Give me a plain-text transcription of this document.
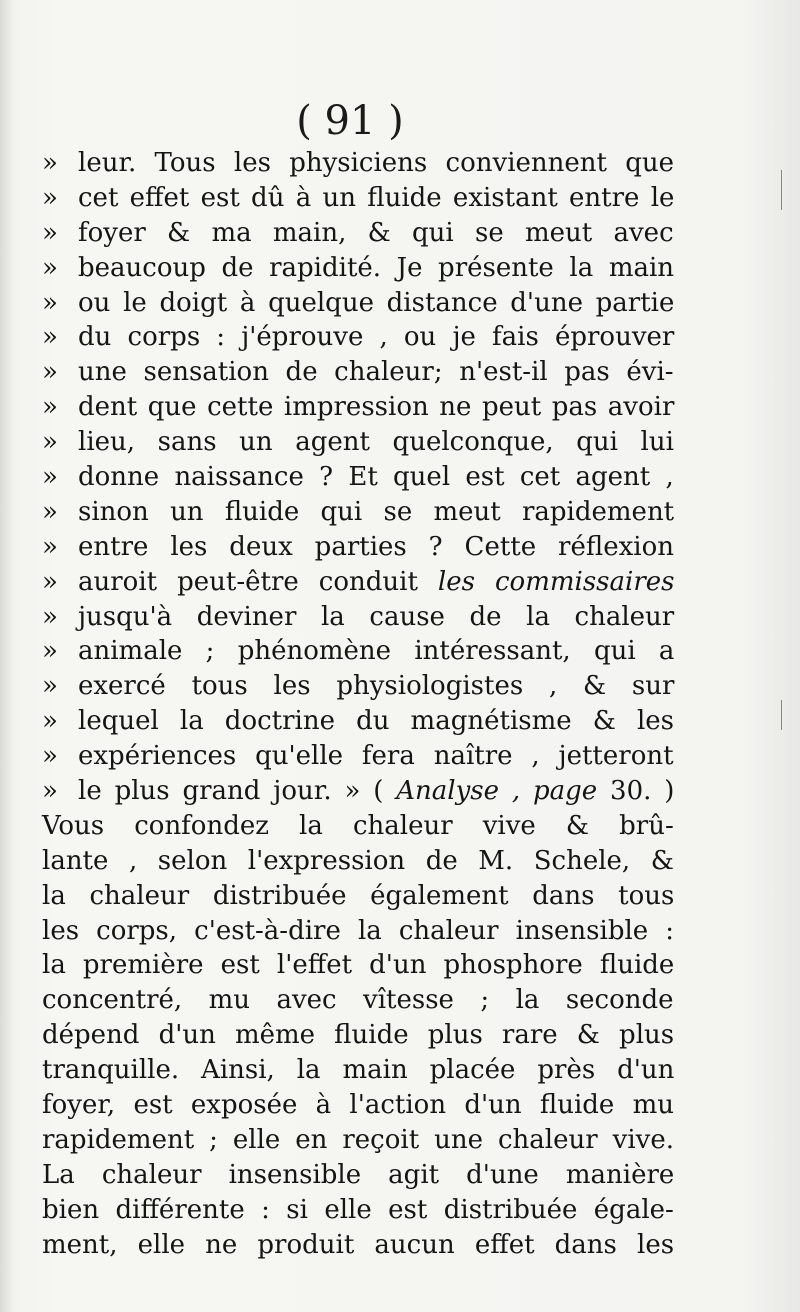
( 91 )
» leur. Tous les physiciens conviennent que
» cet effet est dû à un fluide existant entre le
» foyer & ma main, & qui se meut avec
» beaucoup de rapidité. Je présente la main
» ou le doigt à quelque distance d'une partie
» du corps : j'éprouve , ou je fais éprouver
» une sensation de chaleur; n'est-il pas évi-
» dent que cette impression ne peut pas avoir
» lieu, sans un agent quelconque, qui lui
» donne naissance ? Et quel est cet agent ,
» sinon un fluide qui se meut rapidement
» entre les deux parties ? Cette réflexion
» auroit peut-être conduit les commissaires
» jusqu'à deviner la cause de la chaleur
» animale ; phénomène intéressant, qui a
» exercé tous les physiologistes , & sur
» lequel la doctrine du magnétisme & les
» expériences qu'elle fera naître , jetteront
» le plus grand jour. » ( Analyse , page 30. )
Vous confondez la chaleur vive & brû-
lante , selon l'expression de M. Schele, &
la chaleur distribuée également dans tous
les corps, c'est-à-dire la chaleur insensible :
la première est l'effet d'un phosphore fluide
concentré, mu avec vîtesse ; la seconde
dépend d'un même fluide plus rare & plus
tranquille. Ainsi, la main placée près d'un
foyer, est exposée à l'action d'un fluide mu
rapidement ; elle en reçoit une chaleur vive.
La chaleur insensible agit d'une manière
bien différente : si elle est distribuée égale-
ment, elle ne produit aucun effet dans les
